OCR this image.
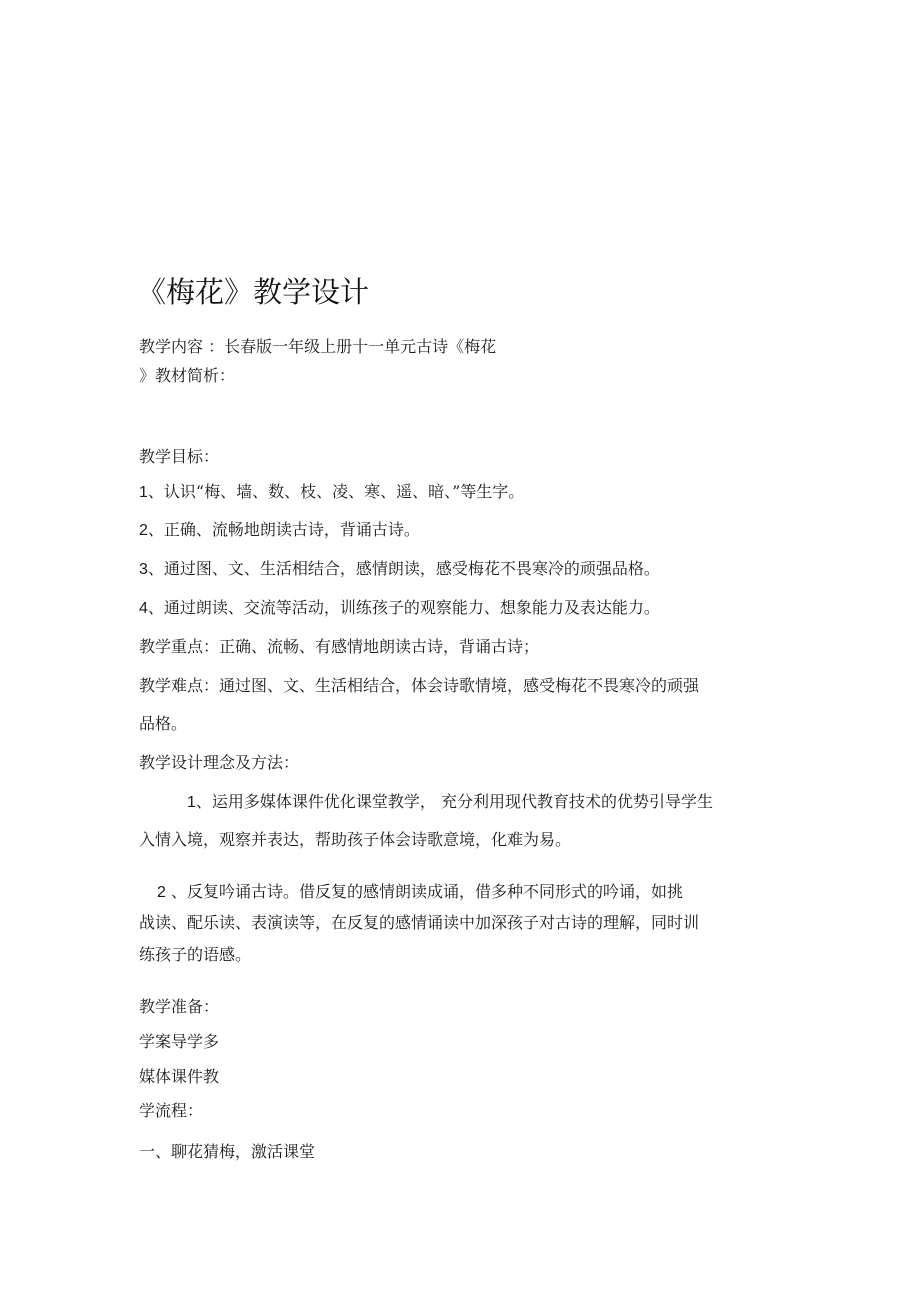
《梅花》教学设计
教学内容 ：长春版一年级上册十一单元古诗《梅花
》教材简析：
教学目标：
1、认识“梅、墙、数、枝、凌、寒、遥、暗、”等生字。
2、正确、流畅地朗读古诗，背诵古诗。
3、通过图、文、生活相结合，感情朗读，感受梅花不畏寒冷的顽强品格。
4、通过朗读、交流等活动，训练孩子的观察能力、想象能力及表达能力。
教学重点：正确、流畅、有感情地朗读古诗，背诵古诗；
教学难点：通过图、文、生活相结合，体会诗歌情境，感受梅花不畏寒冷的顽强
品格。
教学设计理念及方法：
1、运用多媒体课件优化课堂教学， 充分利用现代教育技术的优势引导学生
入情入境，观察并表达，帮助孩子体会诗歌意境，化难为易。
2 、反复吟诵古诗。借反复的感情朗读成诵，借多种不同形式的吟诵，如挑
战读、配乐读、表演读等，在反复的感情诵读中加深孩子对古诗的理解，同时训
练孩子的语感。
教学准备：
学案导学多
媒体课件教
学流程：
一、聊花猜梅，激活课堂
